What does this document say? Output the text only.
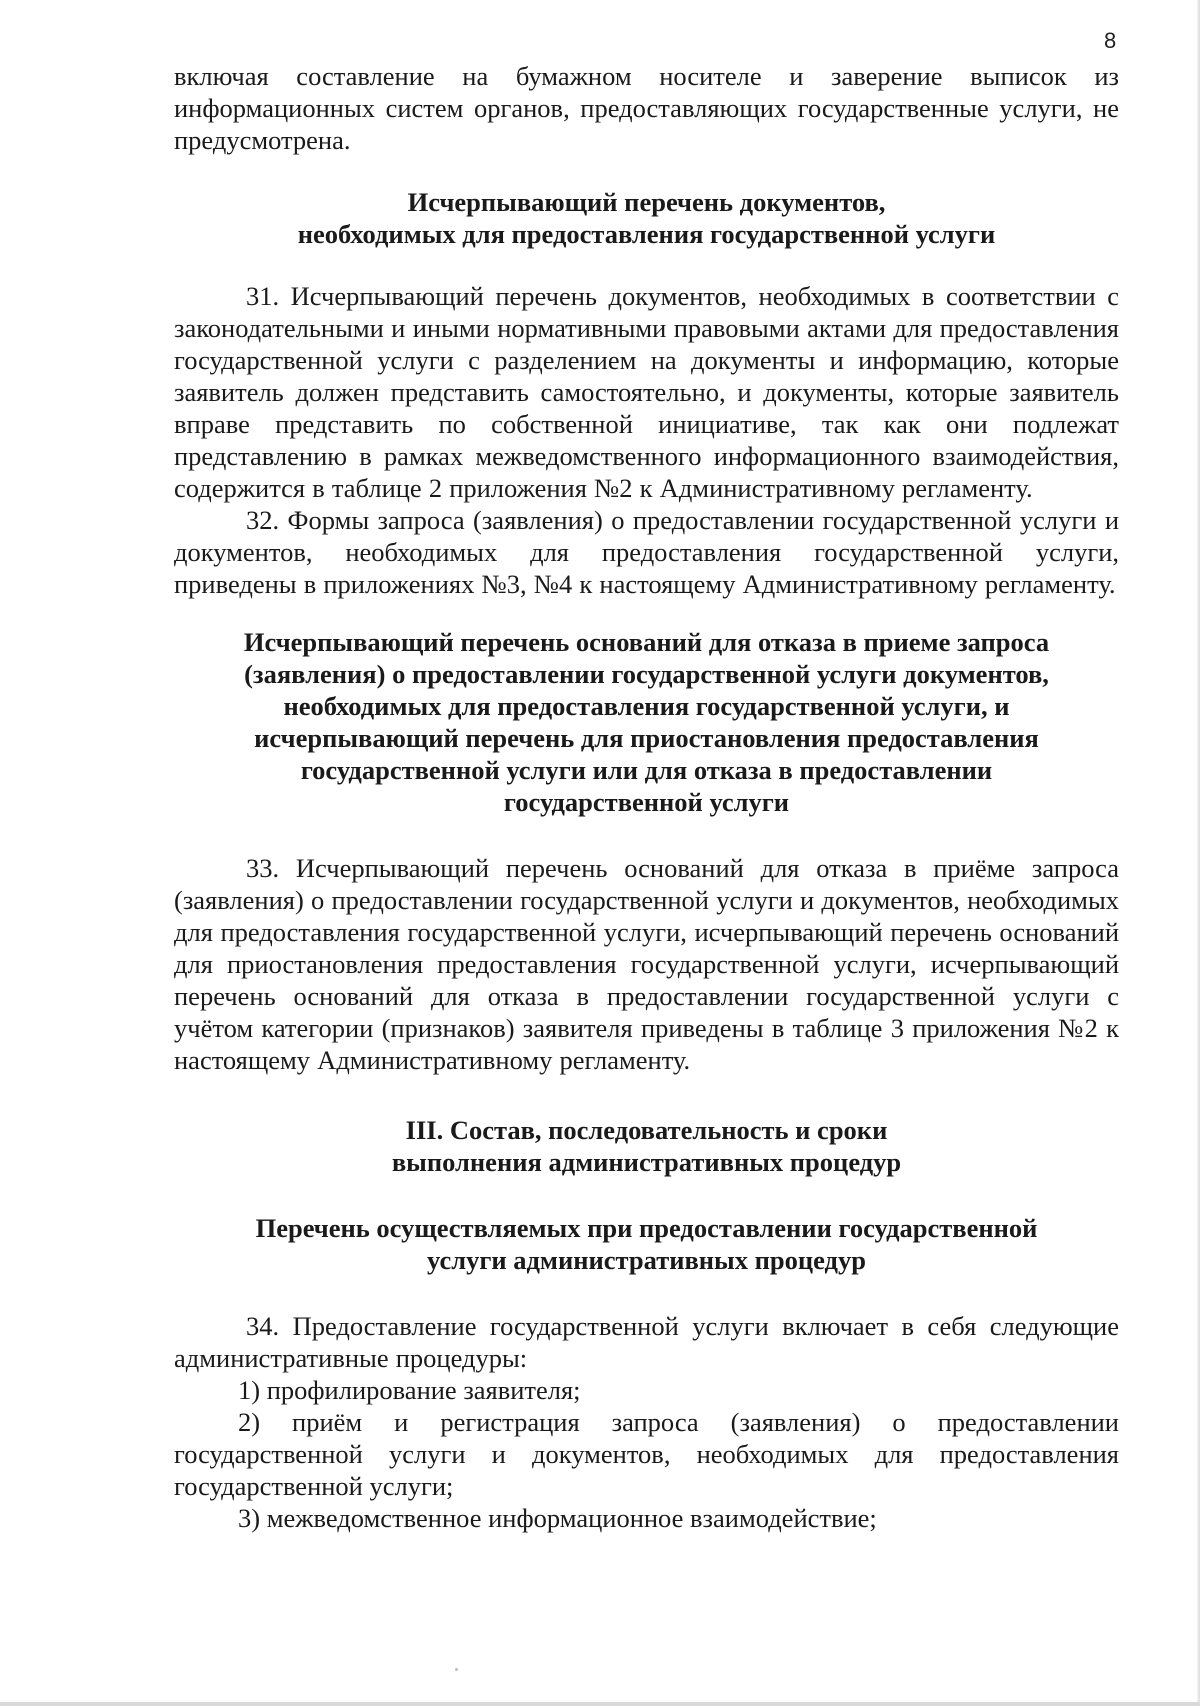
8

включая составление на бумажном носителе и заверение выписок из информационных систем органов, предоставляющих государственные услуги, не предусмотрена.

Исчерпывающий перечень документов,
необходимых для предоставления государственной услуги

31. Исчерпывающий перечень документов, необходимых в соответствии с законодательными и иными нормативными правовыми актами для предоставления государственной услуги с разделением на документы и информацию, которые заявитель должен представить самостоятельно, и документы, которые заявитель вправе представить по собственной инициативе, так как они подлежат представлению в рамках межведомственного информационного взаимодействия, содержится в таблице 2 приложения №2 к Административному регламенту.

32. Формы запроса (заявления) о предоставлении государственной услуги и документов, необходимых для предоставления государственной услуги, приведены в приложениях №3, №4 к настоящему Административному регламенту.

Исчерпывающий перечень оснований для отказа в приеме запроса
(заявления) о предоставлении государственной услуги документов,
необходимых для предоставления государственной услуги, и
исчерпывающий перечень для приостановления предоставления
государственной услуги или для отказа в предоставлении
государственной услуги

33. Исчерпывающий перечень оснований для отказа в приёме запроса (заявления) о предоставлении государственной услуги и документов, необходимых для предоставления государственной услуги, исчерпывающий перечень оснований для приостановления предоставления государственной услуги, исчерпывающий перечень оснований для отказа в предоставлении государственной услуги с учётом категории (признаков) заявителя приведены в таблице 3 приложения №2 к настоящему Административному регламенту.

III. Состав, последовательность и сроки
выполнения административных процедур
Перечень осуществляемых при предоставлении государственной
услуги административных процедур

34. Предоставление государственной услуги включает в себя следующие административные процедуры:

1) профилирование заявителя;

2) приём и регистрация запроса (заявления) о предоставлении государственной услуги и документов, необходимых для предоставления государственной услуги;

3) межведомственное информационное взаимодействие;
